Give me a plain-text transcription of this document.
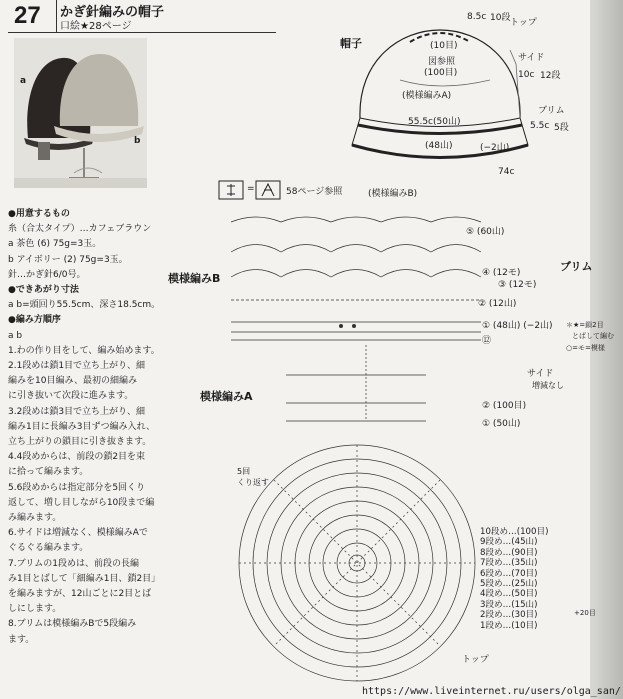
27 かぎ針編みの帽子
口絵★28ページ
a
b
● 用意するもの
糸（合太タイプ）…カフェブラウン
a 茶色 (6) 75g=3玉。
b アイボリー (2) 75g=3玉。
針…かぎ針6/0号。
● できあがり寸法
a b=頭回り55.5cm、深さ18.5cm。
● 編み方順序
a b
1.わの作り目をして、編み始めます。
2.1段めは鎖1目で立ち上がり、細
編みを10目編み、最初の細編み
に引き抜いて次段に進みます。
3.2段めは鎖3目で立ち上がり、細
編み1目に長編み3目ずつ編み入れ、
立ち上がりの鎖目に引き抜きます。
4.4段めからは、前段の鎖2目を束
に拾って編みます。
5.6段めからは指定部分を5回くり
返して、増し目しながら10段まで編
み編みます。
6.サイドは増減なく、模様編みAで
ぐるぐる編みます。
7.ブリムの1段めは、前段の長編
み1目とばして「細編み1目、鎖2目」
を編みますが、12山ごとに2目とば
しにします。
8.ブリムは模様編みBで5段編み
ます。
帽子
トップ
8.5c 10段
(10目)
図参照
(100目)
(模様編みA)
サイド
10c 12段
55.5c(50山)
ブリム
5.5c 5段
(48山)	(−2山)
74c
(模様編みB)
=	58ページ参照
模様編みB
⑤ (60山)
④ (12モ)
③ (12モ)
② (12山)
① (48山) (−2山)
ブリム
＊★=鎖2目
とばして編む
○=モ=模様
模様編みA
⑫
② (100目)
① (50山)
サイド
増減なし
5回
くり返す
トップ
10段め…(100目)
9段め…(45山)
8段め…(90目)
7段め…(35山)
6段め…(70目)
5段め…(25山)
4段め…(50目)
3段め…(15山)
2段め…(30目)
1段め…(10目)
+20目
https://www.liveinternet.ru/users/olga_san/
